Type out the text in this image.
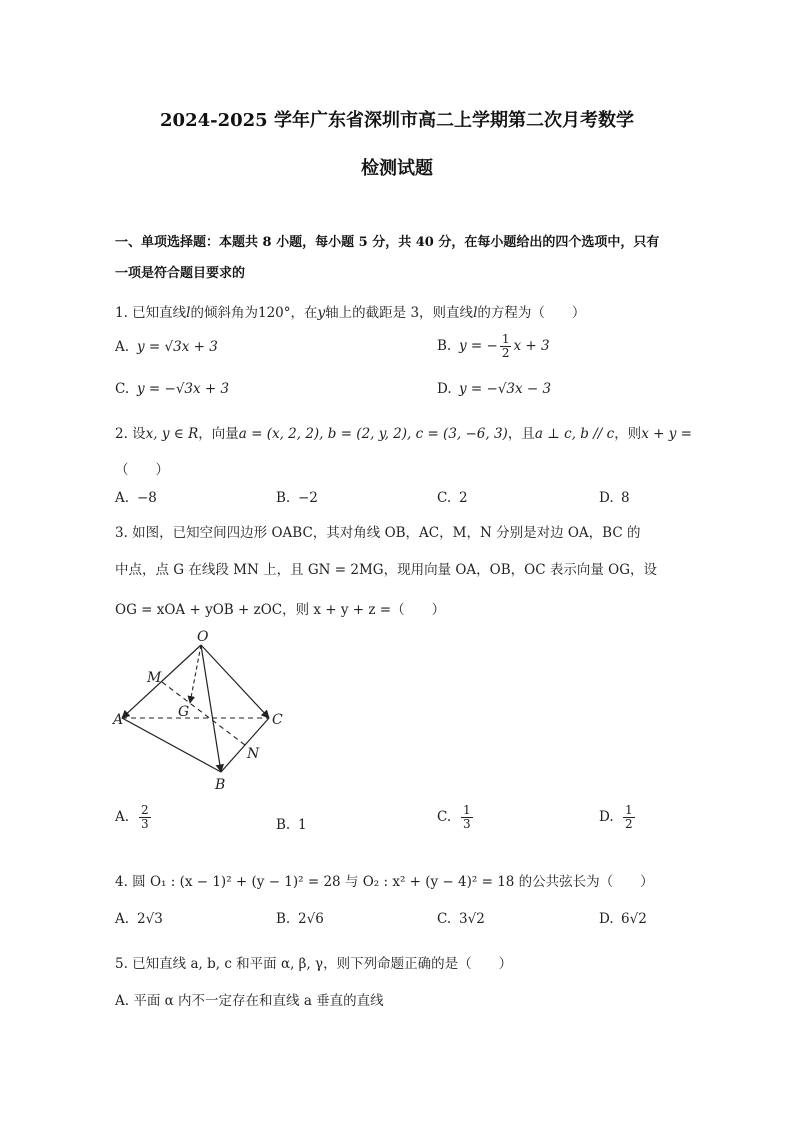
2024-2025 学年广东省深圳市高二上学期第二次月考数学
检测试题
一、单项选择题：本题共 8 小题，每小题 5 分，共 40 分，在每小题给出的四个选项中，只有
一项是符合题目要求的
1. 已知直线l的倾斜角为120°，在y轴上的截距是 3，则直线l的方程为（　　）
A. y = √3x + 3	B. y = − $\frac{1}{2}$ x + 3
C. y = −√3x + 3	D. y = −√3x − 3
2. 设x, y ∈ R，向量a = (x, 2, 2), b = (2, y, 2), c = (3, −6, 3)，且a ⊥ c, b // c，则x + y =
（　　）
A. −8	B. −2	C. 2	D. 8
3. 如图，已知空间四边形 OABC，其对角线 OB，AC，M，N 分别是对边 OA，BC 的
中点，点 G 在线段 MN 上，且 GN = 2MG，现用向量 OA，OB，OC 表示向量 OG，设
OG = xOA + yOB + zOC，则 x + y + z =（　　）
O
M
G
A	C
N
B
A. $\frac{2}{3}$	B. 1	C. $\frac{1}{3}$	D. $\frac{1}{2}$
4. 圆 O₁ : (x − 1)² + (y − 1)² = 28 与 O₂ : x² + (y − 4)² = 18 的公共弦长为（　　）
A. 2√3	B. 2√6	C. 3√2	D. 6√2
5. 已知直线 a, b, c 和平面 α, β, γ，则下列命题正确的是（　　）
A. 平面 α 内不一定存在和直线 a 垂直的直线
